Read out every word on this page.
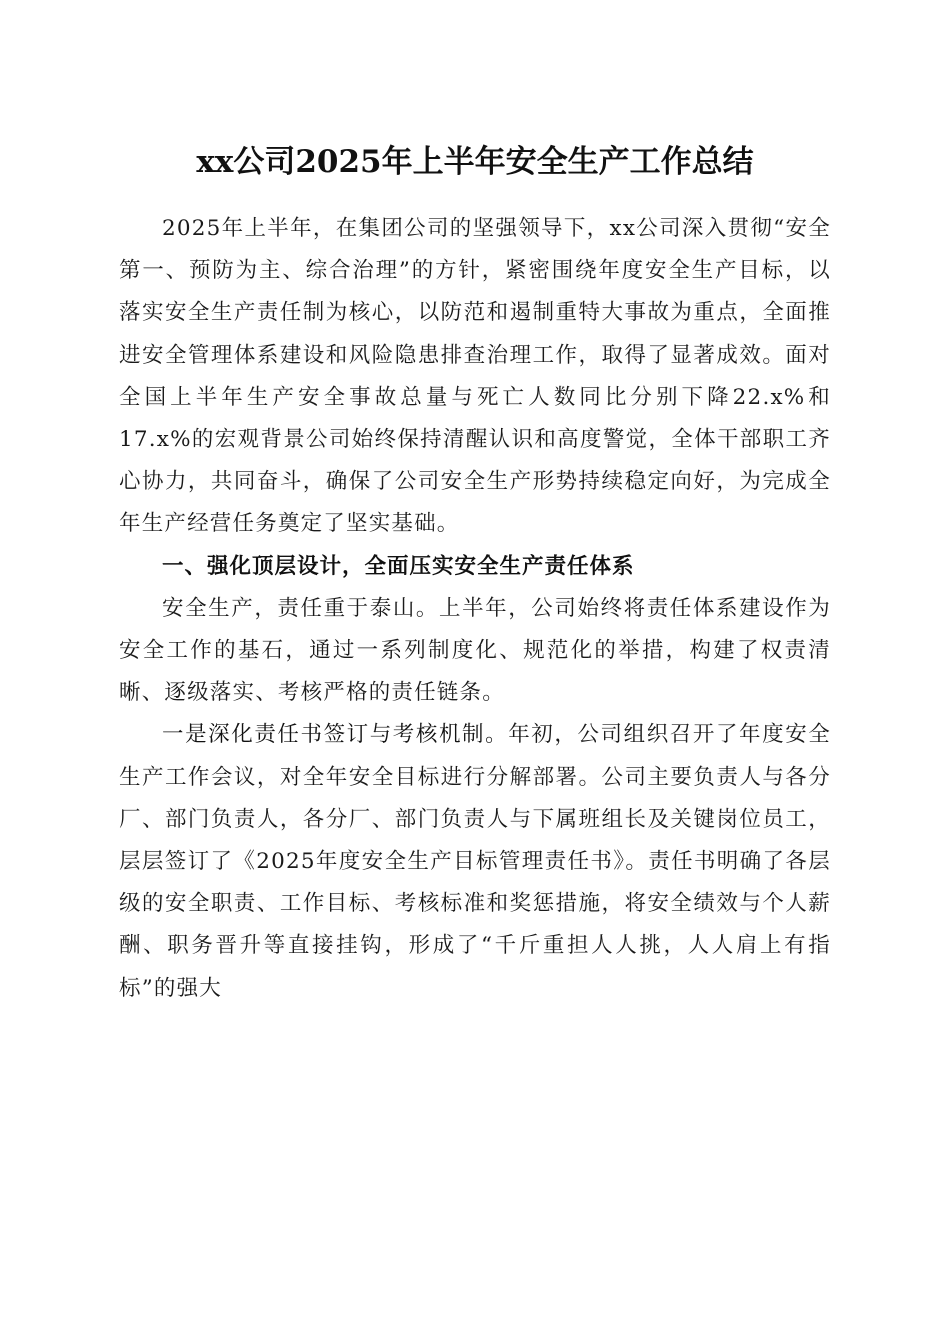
xx公司2025年上半年安全生产工作总结

2025年上半年，在集团公司的坚强领导下，xx公司深入贯彻“安全第一、预防为主、综合治理”的方针，紧密围绕年度安全生产目标，以落实安全生产责任制为核心，以防范和遏制重特大事故为重点，全面推进安全管理体系建设和风险隐患排查治理工作，取得了显著成效。面对全国上半年生产安全事故总量与死亡人数同比分别下降22.x%和17.x%的宏观背景公司始终保持清醒认识和高度警觉，全体干部职工齐心协力，共同奋斗，确保了公司安全生产形势持续稳定向好，为完成全年生产经营任务奠定了坚实基础。

一、强化顶层设计，全面压实安全生产责任体系

安全生产，责任重于泰山。上半年，公司始终将责任体系建设作为安全工作的基石，通过一系列制度化、规范化的举措，构建了权责清晰、逐级落实、考核严格的责任链条。

一是深化责任书签订与考核机制。年初，公司组织召开了年度安全生产工作会议，对全年安全目标进行分解部署。公司主要负责人与各分厂、部门负责人，各分厂、部门负责人与下属班组长及关键岗位员工，层层签订了《2025年度安全生产目标管理责任书》。责任书明确了各层级的安全职责、工作目标、考核标准和奖惩措施，将安全绩效与个人薪酬、职务晋升等直接挂钩，形成了“千斤重担人人挑，人人肩上有指标”的强大
